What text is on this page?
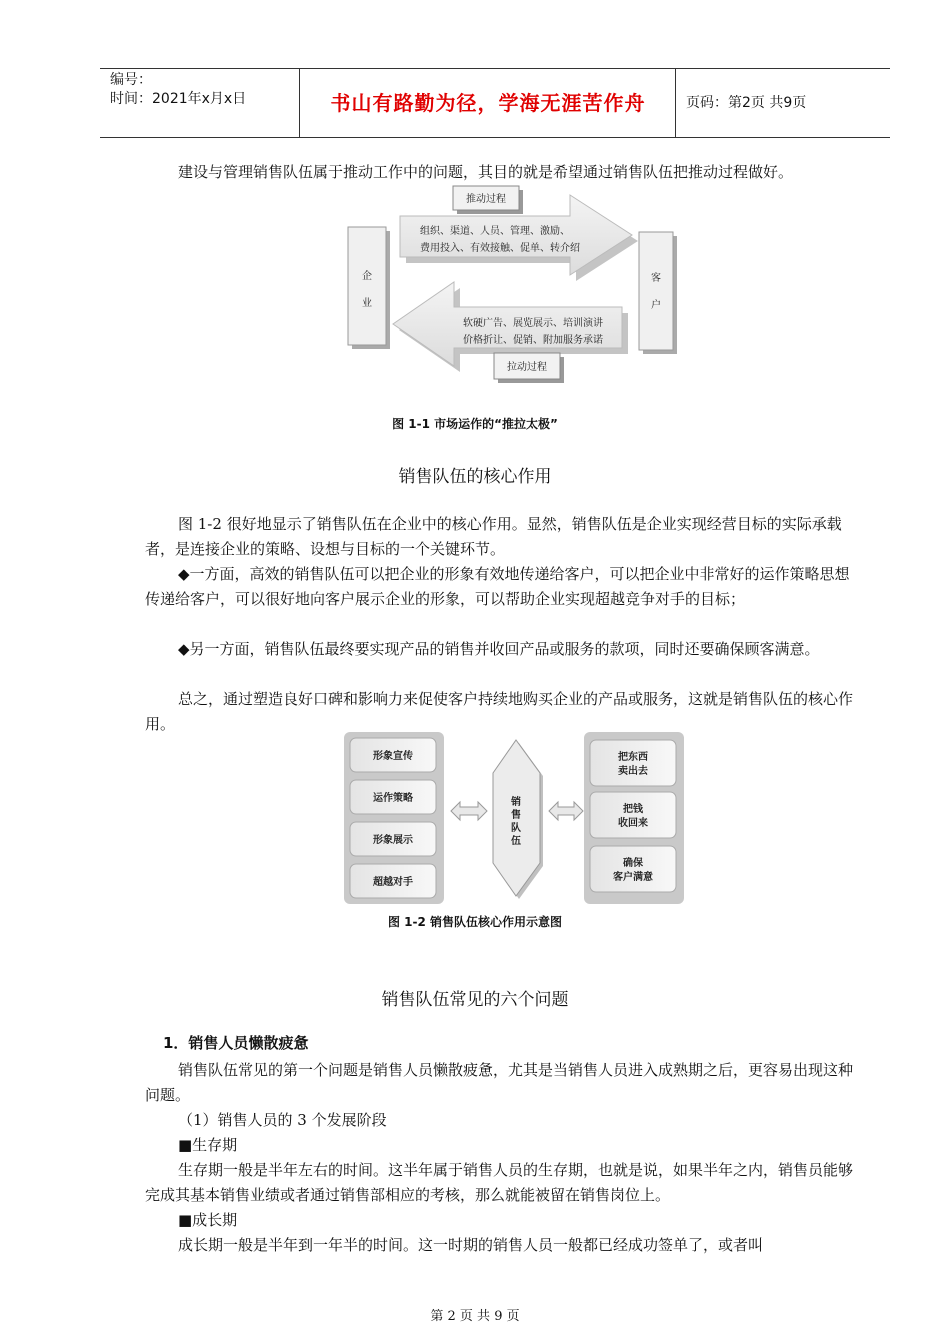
编号：
时间：2021年x月x日	书山有路勤为径，学海无涯苦作舟	页码：第2页 共9页
建设与管理销售队伍属于推动工作中的问题，其目的就是希望通过销售队伍把推动过程做好。
推动过程
组织、渠道、人员、管理、激励、
费用投入、有效接触、促单、转介绍
企
业
客
户
软硬广告、展览展示、培训演讲
价格折让、促销、附加服务承诺
拉动过程
图 1-1 市场运作的“推拉太极”
销售队伍的核心作用
图 1-2 很好地显示了销售队伍在企业中的核心作用。显然，销售队伍是企业实现经营目标的实际承载者，是连接企业的策略、设想与目标的一个关键环节。
◆一方面，高效的销售队伍可以把企业的形象有效地传递给客户，可以把企业中非常好的运作策略思想传递给客户，可以很好地向客户展示企业的形象，可以帮助企业实现超越竞争对手的目标；
◆另一方面，销售队伍最终要实现产品的销售并收回产品或服务的款项，同时还要确保顾客满意。
总之，通过塑造良好口碑和影响力来促使客户持续地购买企业的产品或服务，这就是销售队伍的核心作用。
形象宣传
运作策略
形象展示
超越对手
销
售
队
伍
把东西
卖出去
把钱
收回来
确保
客户满意
图 1-2 销售队伍核心作用示意图
销售队伍常见的六个问题
1．销售人员懒散疲惫
销售队伍常见的第一个问题是销售人员懒散疲惫，尤其是当销售人员进入成熟期之后，更容易出现这种问题。
（1）销售人员的 3 个发展阶段
■生存期
生存期一般是半年左右的时间。这半年属于销售人员的生存期，也就是说，如果半年之内，销售员能够完成其基本销售业绩或者通过销售部相应的考核，那么就能被留在销售岗位上。
■成长期
成长期一般是半年到一年半的时间。这一时期的销售人员一般都已经成功签单了，或者叫
第 2 页 共 9 页
